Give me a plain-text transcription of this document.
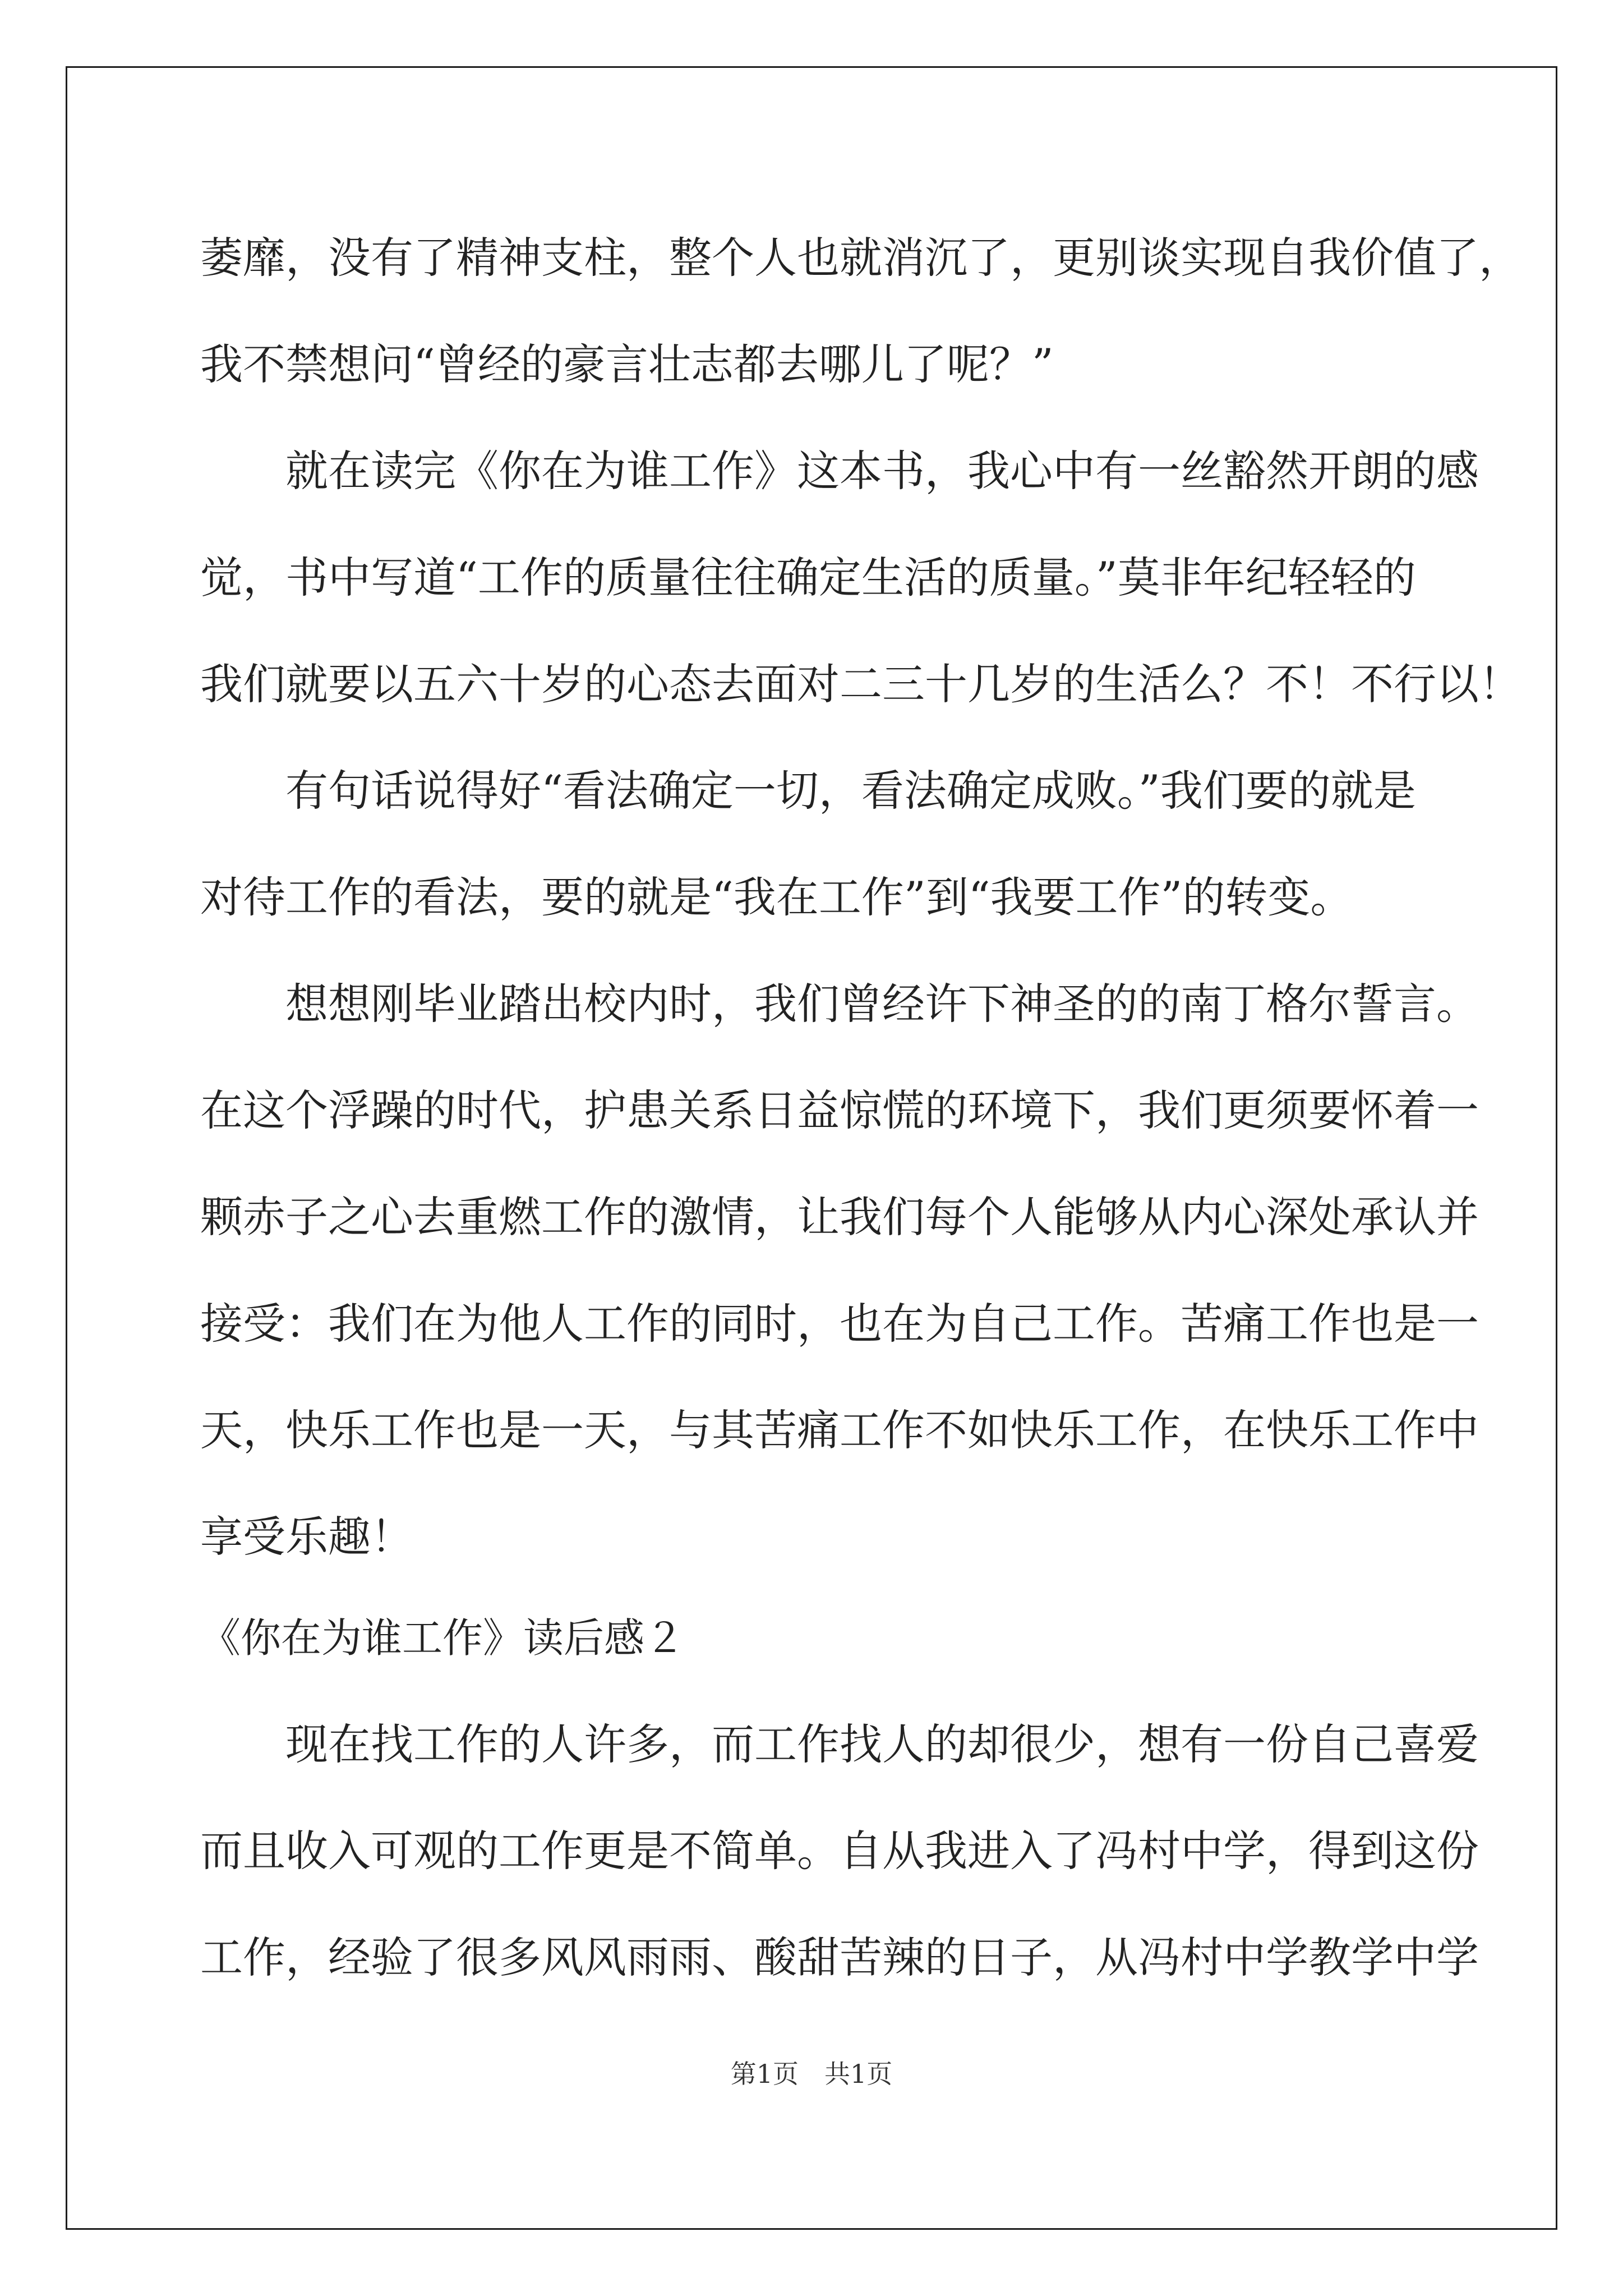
萎靡，没有了精神支柱，整个人也就消沉了，更别谈实现自我价值了，
我不禁想问“曾经的豪言壮志都去哪儿了呢？”
　　就在读完《你在为谁工作》这本书，我心中有一丝豁然开朗的感
觉，书中写道“工作的质量往往确定生活的质量。”莫非年纪轻轻的
我们就要以五六十岁的心态去面对二三十几岁的生活么？不！不行以！
　　有句话说得好“看法确定一切，看法确定成败。”我们要的就是
对待工作的看法，要的就是“我在工作”到“我要工作”的转变。
　　想想刚毕业踏出校内时，我们曾经许下神圣的的南丁格尔誓言。
在这个浮躁的时代，护患关系日益惊慌的环境下，我们更须要怀着一
颗赤子之心去重燃工作的激情，让我们每个人能够从内心深处承认并
接受：我们在为他人工作的同时，也在为自己工作。苦痛工作也是一
天，快乐工作也是一天，与其苦痛工作不如快乐工作，在快乐工作中
享受乐趣！
《你在为谁工作》读后感２
　　现在找工作的人许多，而工作找人的却很少，想有一份自己喜爱
而且收入可观的工作更是不简单。自从我进入了冯村中学，得到这份
工作，经验了很多风风雨雨、酸甜苦辣的日子，从冯村中学教学中学
第1页 共1页
